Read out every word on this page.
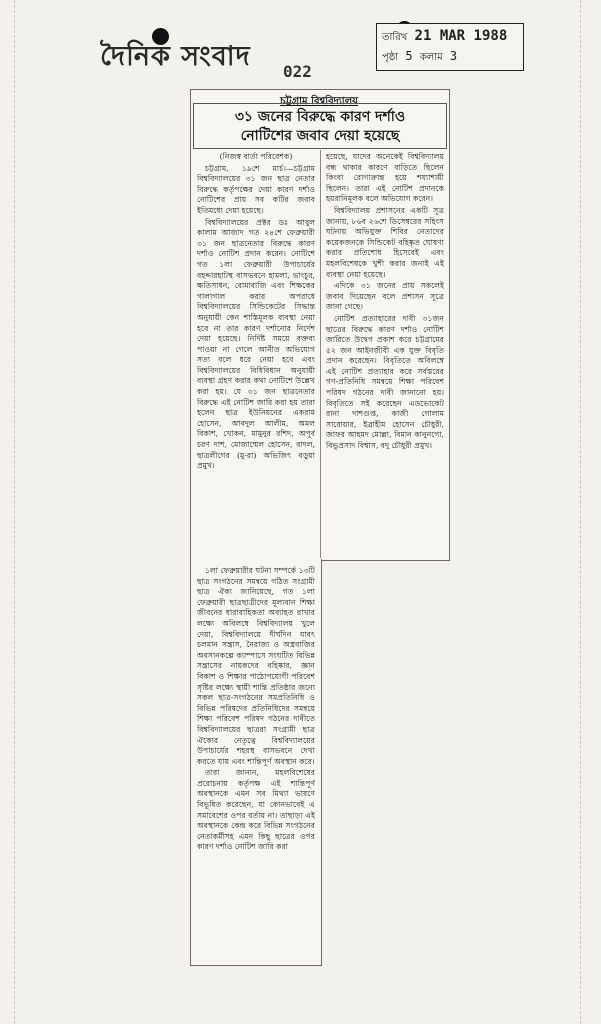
দৈনিক সংবাদ 022
তারিখ 21 MAR 1988
পৃষ্ঠা 5 কলাম 3
চট্টগ্রাম বিশ্ববিদ্যালয়
৩১ জনের বিরুদ্ধে কারণ দর্শাও
নোটিশের জবাব দেয়া হয়েছে

(নিজস্ব বার্তা পরিবেশক)

চট্টগ্রাম, ১৯শে মার্চ।—চট্টগ্রাম বিশ্ববিদ্যালয়ের ৩১ জন ছাত্র নেতার বিরুদ্ধে কর্তৃপক্ষের দেয়া কারণ দর্শাও নোটিশের প্রায় সব কটির জবাব ইতিমধ্যে দেয়া হয়েছে।

বিশ্ববিদ্যালয়ের প্রক্টর ডঃ আবুল কালাম আজাদ গত ২৪শে ফেব্রুয়ারী ৩১ জন ছাত্রনেতার বিরুদ্ধে কারণ দর্শাও নোটিশ প্রদান করেন। নোটিশে গত ১লা ফেব্রুয়ারী উপাচার্যের বহদ্দারহাটস্থ বাসভবনে হামলা, ভাংচুর, ক্ষতিসাধন, বোমাবাজি এবং শিক্ষকের গালাগাল করার অপরাধে বিশ্ববিদ্যালয়ের সিন্ডিকেটের সিদ্ধান্ত অনুযায়ী কেন শাস্তিমূলক ব্যবস্থা নেয়া হবে না তার কারণ দর্শানোর নির্দেশ দেয়া হয়েছে। নির্দিষ্ট সময়ে বক্তব্য পাওয়া না গেলে আনীত অভিযোগ সত্য বলে ধরে নেয়া হবে এবং বিশ্ববিদ্যালয়ের বিধিবিধান অনুযায়ী ব্যবস্থা গ্রহণ করার কথা নোটিশে উল্লেখ করা হয়। যে ৩১ জন ছাত্রনেতার বিরুদ্ধে এই নোটিশ জারি করা হয় তারা হলেন ছাত্র ইউনিয়নের একরাম হোসেন, আবদুল আলীম, অমল বিকাশ, খোকন, মামুনুর রশিদ, অপূর্ব চরণ দাশ, মোজাম্মেল হোসেন, বাদল, ছাত্রলীগের (মু-রা) অভিজিৎ বড়ুয়া প্রমুখ।

হয়েছে, যাদের অনেকেই বিশ্ববিদ্যালয় বন্ধ থাকার কারণে বাড়িতে ছিলেন কিংবা রোগাক্রান্ত হয়ে শয্যাশায়ী ছিলেন। তারা এই নোটিশ প্রদানকে হয়রানিমূলক বলে অভিযোগ করেন।

বিশ্ববিদ্যালয় প্রশাসনের একটি সূত্র জানায়, ৮৬ব ২৬শে ডিসেম্বরের সহিংস ঘটনায় অভিযুক্ত শিবির নেতাদের কয়েকজনকে সিন্ডিকেট বহিষ্কৃত ঘোষণা করার প্রতিশোধ হিসেবেই এবং মহলবিশেষকে খুশী করার জন্যই এই ব্যবস্থা নেয়া হয়েছে।

এদিকে ৩১ জনের প্রায় সকলেই জবাব দিয়েছেন বলে প্রশাসন সূত্রে জানা গেছে।

নোটিশ প্রত্যাহারের দাবী ৩১জন ছাত্রের বিরুদ্ধে কারণ দর্শাও নোটিশ জারিতে উদ্বেগ প্রকাশ করে চট্টগ্রামের ৫২ জন আইনজীবী এক যুক্ত বিবৃতি প্রদান করেছেন। বিবৃতিতে অবিলম্বে এই নোটিশ প্রত্যাহার করে সর্বস্তরের গণ-প্রতিনিধি সমন্বয়ে শিক্ষা পরিবেশ পরিষদ গঠনের দাবী জানানো হয়। বিবৃতিতে সই করেছেন এডভোকেট রানা দাশগুপ্ত, কাজী গোলাম সারোয়ার, ইব্রাহীম হোসেন চৌধুরী, জাফর আহমদ মোল্লা, বিমান কানুনগো, বিভুপ্রসাদ বিশ্বাস, বদু চৌধুরী প্রমুখ।

১লা ফেব্রুয়ারীর ঘটনা সম্পর্কে ১৩টি ছাত্র সংগঠনের সমন্বয়ে গঠিত সংগ্রামী ছাত্র ঐক্য জানিয়েছে, গত ১লা ফেব্রুয়ারী ছাত্রছাত্রীদের মূল্যবান শিক্ষা জীবনের ধারাবাহিকতা অব্যাহত রাখার লক্ষ্যে অবিলম্বে বিশ্ববিদ্যালয় খুলে দেয়া, বিশ্ববিদ্যালয়ে দীর্ঘদিন যাবৎ চলমান সন্ত্রাস, নৈরাজ্য ও অস্ত্রবাজির অবসানকল্পে ক্যাম্পাসে সংঘটিত বিভিন্ন সন্ত্রাসের নায়কদের বহিষ্কার, জ্ঞান বিকাশ ও শিক্ষার পাঠোপযোগী পরিবেশ সৃষ্টির লক্ষ্যে স্থায়ী শান্তি প্রতিষ্ঠার জন্যে সকল ছাত্র-সংগঠনের সমপ্রতিনিধি ও বিভিন্ন পরিষদের প্রতিনিধিদের সমন্বয়ে শিক্ষা পরিবেশ পরিষদ গঠনের দাবীতে বিশ্ববিদ্যালয়ের ছাত্ররা সংগ্রামী ছাত্র ঐক্যের নেতৃত্বে বিশ্ববিদ্যালয়ের উপাচার্যের শহরস্থ বাসভবনে দেখা করতে যায় এবং শান্তিপূর্ণ অবস্থান করে।

তারা জানান, মহলবিশেষের প্ররোচনায় কর্তৃপক্ষ এই শান্তিপূর্ণ অবস্থানকে এমন সব মিথ্যা ভাষণে বিভূষিত করেছেন, যা কোনভাবেই এ সমাবেশের ওপর বর্তায় না। তাছাড়া এই অবস্থানকে কেন্দ্র করে বিভিন্ন সংগঠনের নেতাকর্মীসহ এমন কিছু ছাত্রের ওপর কারণ দর্শাও নোটিশ জারি করা
